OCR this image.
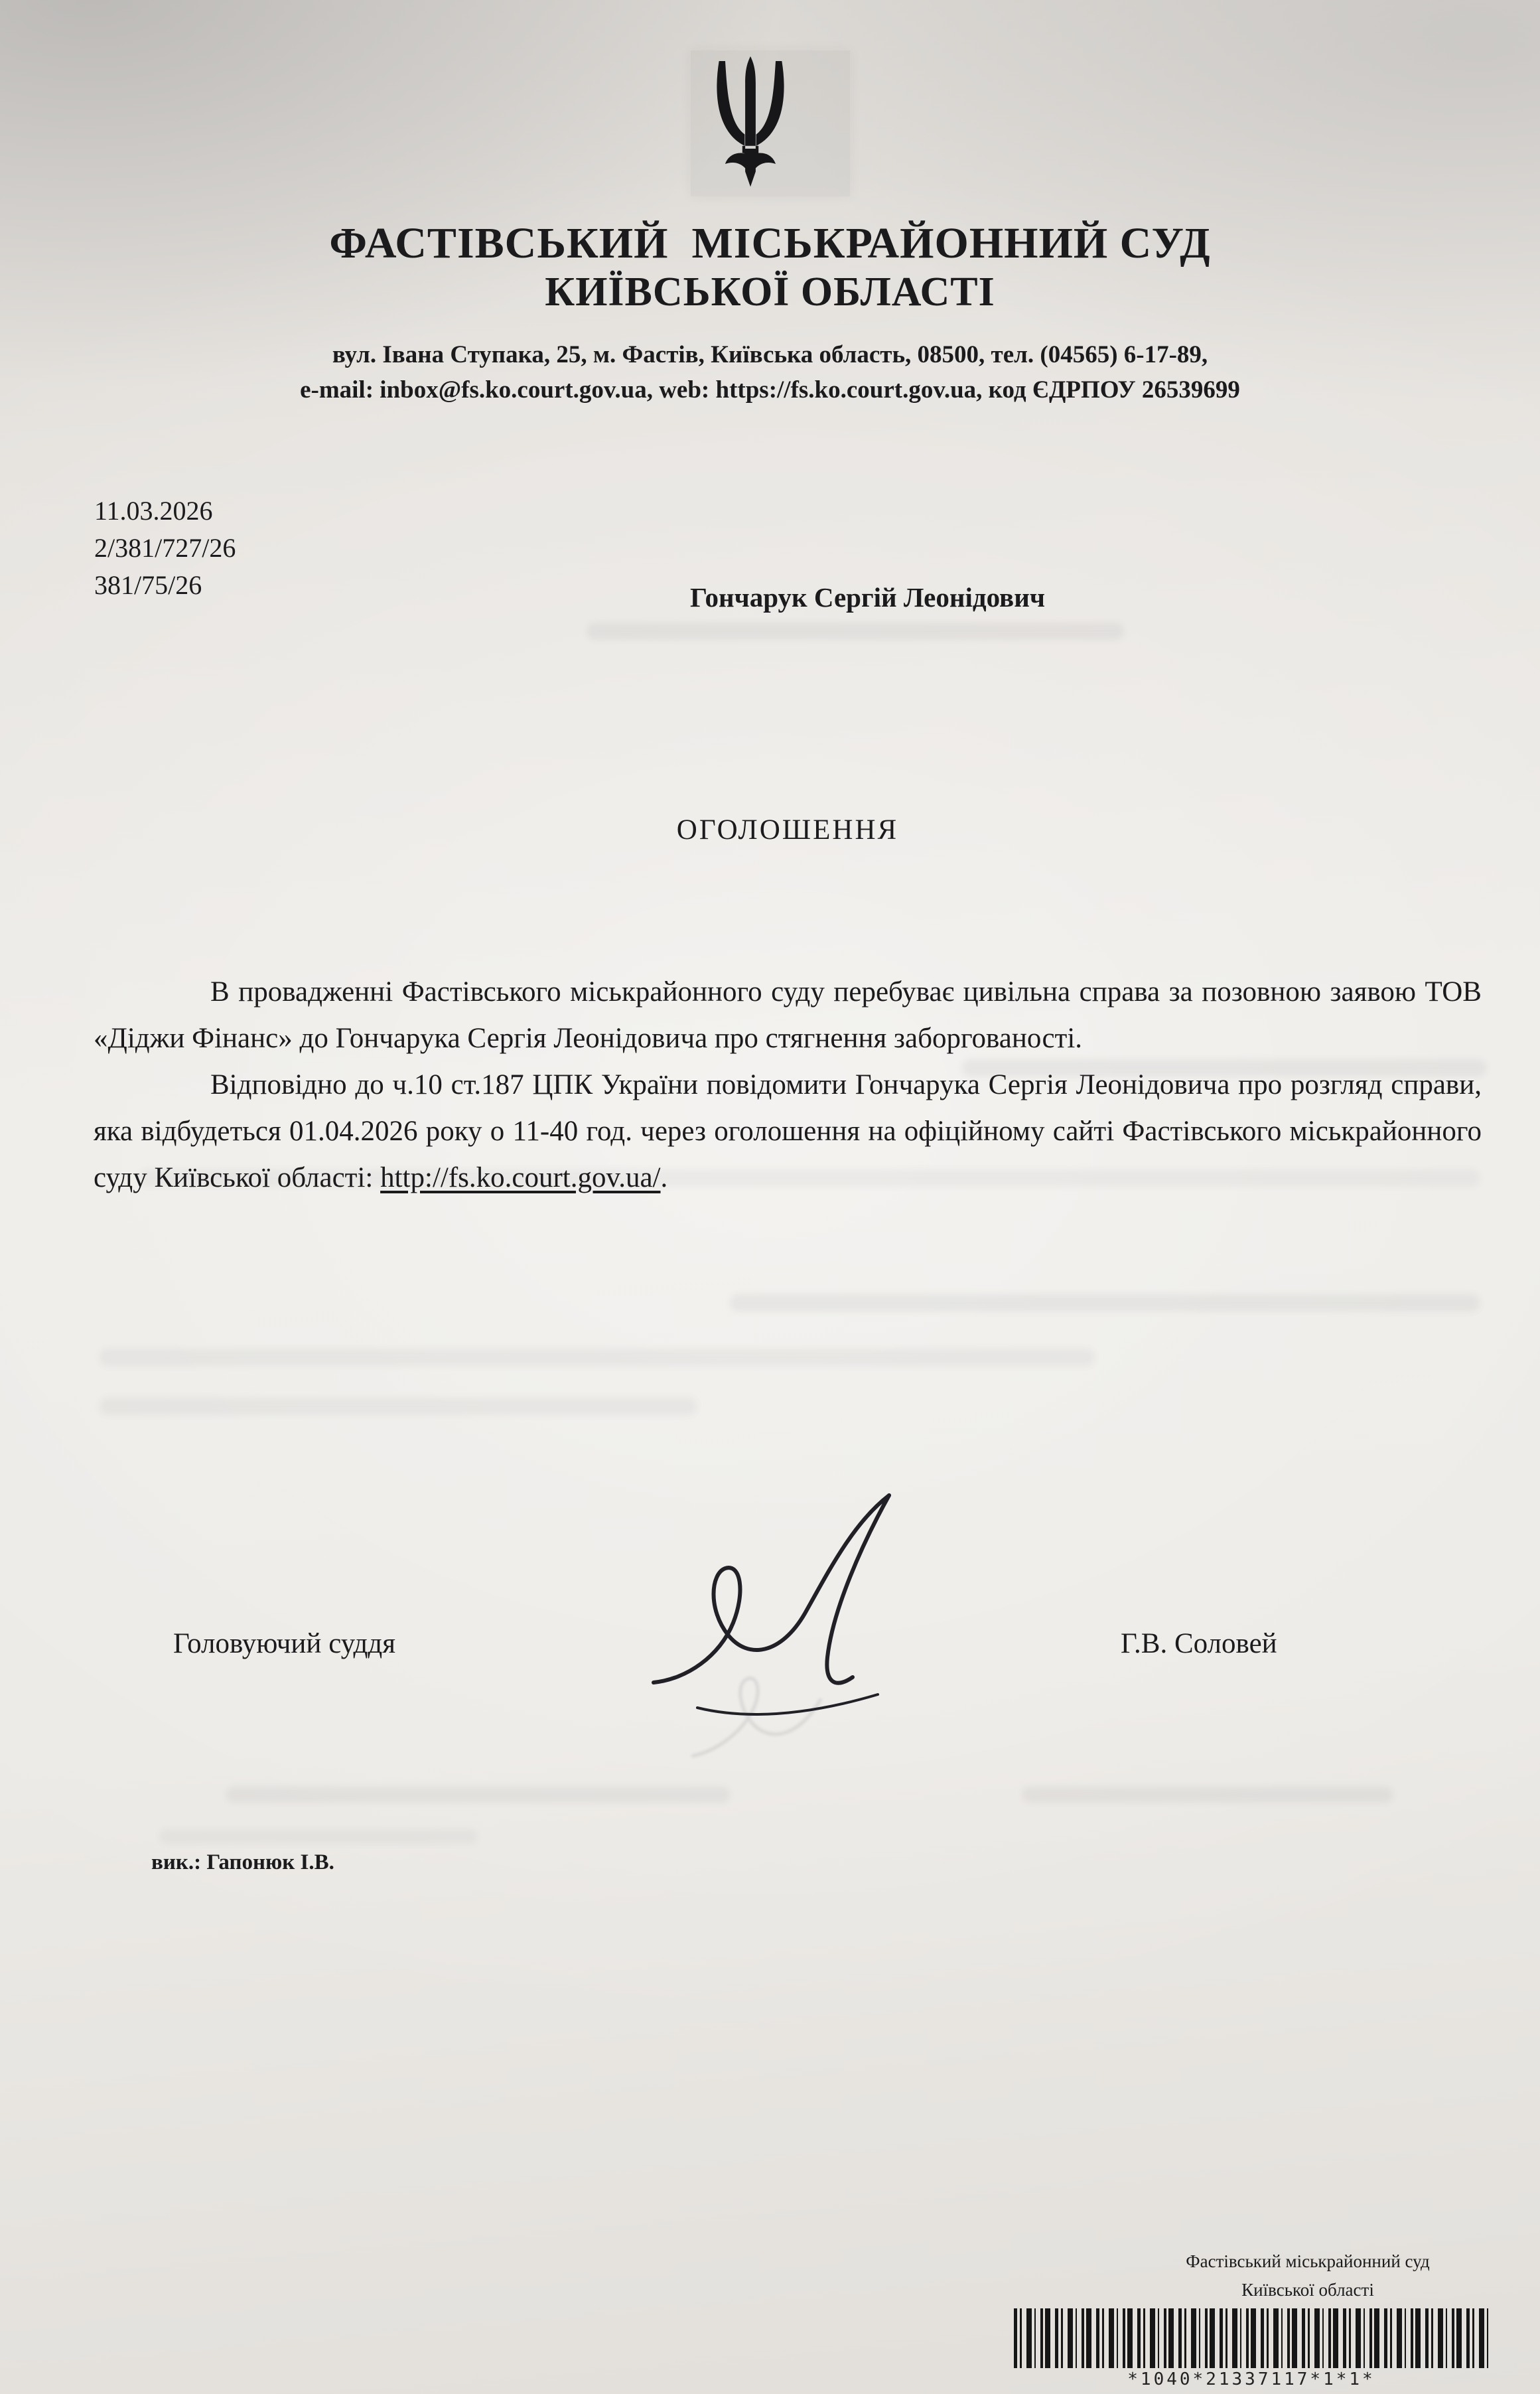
ФАСТІВСЬКИЙ  МІСЬКРАЙОННИЙ СУД
КИЇВСЬКОЇ ОБЛАСТІ
вул. Івана Ступака, 25, м. Фастів, Київська область, 08500, тел. (04565) 6-17-89,
e-mail: inbox@fs.ko.court.gov.ua, web: https://fs.ko.court.gov.ua, код ЄДРПОУ 26539699
11.03.2026
2/381/727/26
381/75/26	Гончарук Сергій Леонідович
ОГОЛОШЕННЯ

В провадженні Фастівського міськрайонного суду перебуває цивільна справа за позовною заявою ТОВ «Діджи Фінанс» до Гончарука Сергія Леонідовича про стягнення заборгованості.

Відповідно до ч.10 ст.187 ЦПК України повідомити Гончарука Сергія Леонідовича про розгляд справи, яка відбудеться 01.04.2026 року о 11-40 год. через оголошення на офіційному сайті Фастівського міськрайонного суду Київської області: http://fs.ko.court.gov.ua/.

Головуючий суддя	Г.В. Соловей
вик.: Гапонюк І.В.
Фастівський міськрайонний суд
Київської області
*1040*21337117*1*1*
